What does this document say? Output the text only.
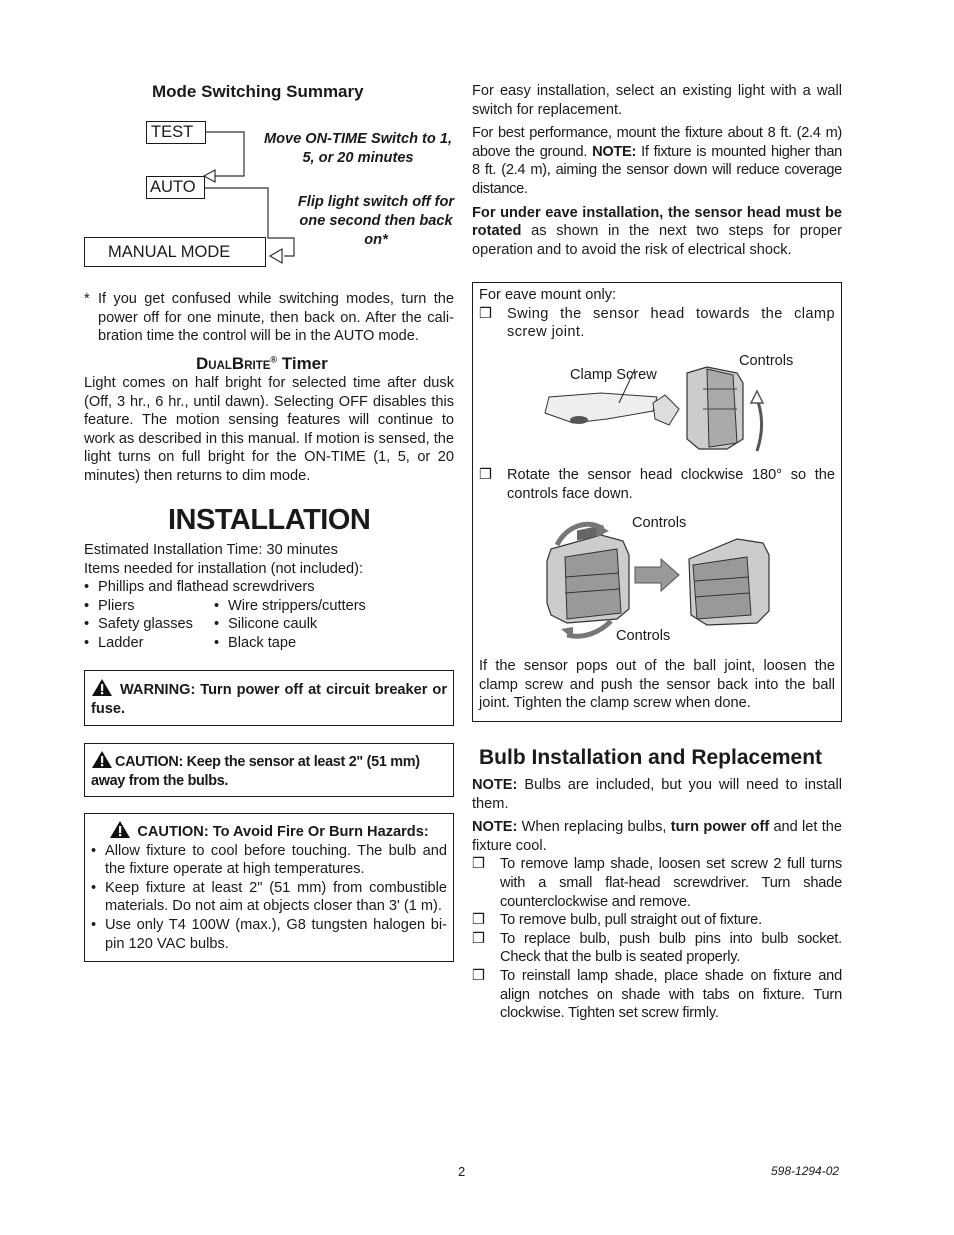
Mode Switching Summary
TEST
AUTO
MANUAL MODE
Move ON-TIME Switch to 1, 5, or 20 minutes
Flip light switch off for one second then back on*
* If you get confused while switching modes, turn the power off for one minute, then back on. After the cali-bration time the control will be in the AUTO mode.

DUALBRITE® Timer

Light comes on half bright for selected time after dusk (Off, 3 hr., 6 hr., until dawn). Selecting OFF disables this feature. The motion sensing features will continue to work as described in this manual. If motion is sensed, the light turns on full bright for the ON-TIME (1, 5, or 20 minutes) then returns to dim mode.

INSTALLATION

Estimated Installation Time: 30 minutes

Items needed for installation (not included):

• Phillips and flathead screwdrivers
• Pliers
• Safety glasses
• Ladder
• Wire strippers/cutters
• Silicone caulk
• Black tape
WARNING: Turn power off at circuit breaker or fuse.
CAUTION: Keep the sensor at least 2" (51 mm) away from the bulbs.
CAUTION: To Avoid Fire Or Burn Hazards:
• Allow fixture to cool before touching. The bulb and the fixture operate at high temperatures.
• Keep fixture at least 2" (51 mm) from combustible materials. Do not aim at objects closer than 3' (1 m).
• Use only T4 100W (max.), G8 tungsten halogen bi-pin 120 VAC bulbs.

For easy installation, select an existing light with a wall switch for replacement.

For best performance, mount the fixture about 8 ft. (2.4 m) above the ground. NOTE: If fixture is mounted higher than 8 ft. (2.4 m), aiming the sensor down will reduce coverage distance.

For under eave installation, the sensor head must be rotated as shown in the next two steps for proper operation and to avoid the risk of electrical shock.

For eave mount only:

❒ Swing the sensor head towards the clamp screw joint.
Clamp Screw
Controls
❒ Rotate the sensor head clockwise 180° so the controls face down.
Controls
Controls

If the sensor pops out of the ball joint, loosen the clamp screw and push the sensor back into the ball joint. Tighten the clamp screw when done.

Bulb Installation and Replacement

NOTE: Bulbs are included, but you will need to install them.

NOTE: When replacing bulbs, turn power off and let the fixture cool.

❒ To remove lamp shade, loosen set screw 2 full turns with a small flat-head screwdriver. Turn shade counterclockwise and remove.
❒ To remove bulb, pull straight out of fixture.
❒ To replace bulb, push bulb pins into bulb socket. Check that the bulb is seated properly.
❒ To reinstall lamp shade, place shade on fixture and align notches on shade with tabs on fixture. Turn clockwise. Tighten set screw firmly.
2	598-1294-02
